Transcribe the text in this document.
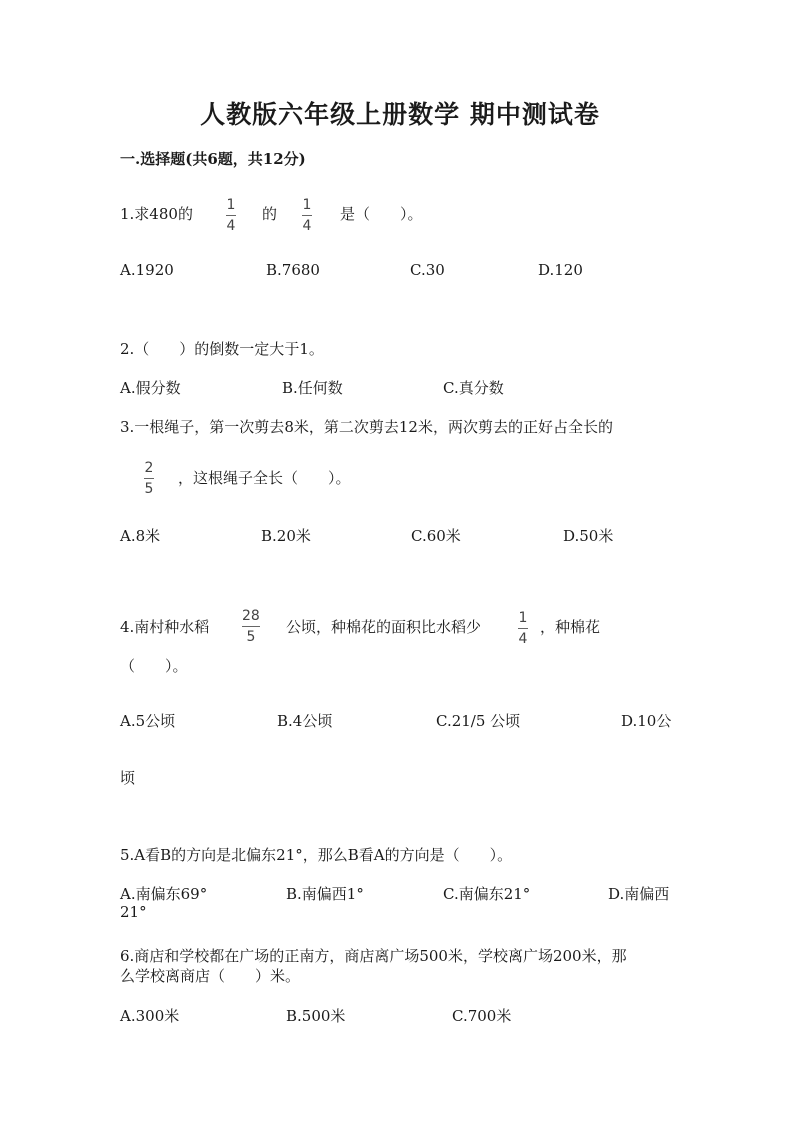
人教版六年级上册数学 期中测试卷
一.选择题(共6题，共12分)
1.求480的 1
4
的 1
4
是（　　）。
A.1920	B.7680	C.30	D.120
2.（　　）的倒数一定大于1。
A.假分数	B.任何数	C.真分数
3.一根绳子，第一次剪去8米，第二次剪去12米，两次剪去的正好占全长的
2
5
，这根绳子全长（　　）。
A.8米	B.20米	C.60米	D.50米
4.南村种水稻
28
5
公顷，种棉花的面积比水稻少	1
4
，种棉花
（　　）。
A.5公顷	B.4公顷	C.21/5 公顷	D.10公
顷
5.A看B的方向是北偏东21°，那么B看A的方向是（　　）。
A.南偏东69°	B.南偏西1°	C.南偏东21°	D.南偏西
21°
6.商店和学校都在广场的正南方，商店离广场500米，学校离广场200米，那
么学校离商店（　　）米。
A.300米	B.500米	C.700米
